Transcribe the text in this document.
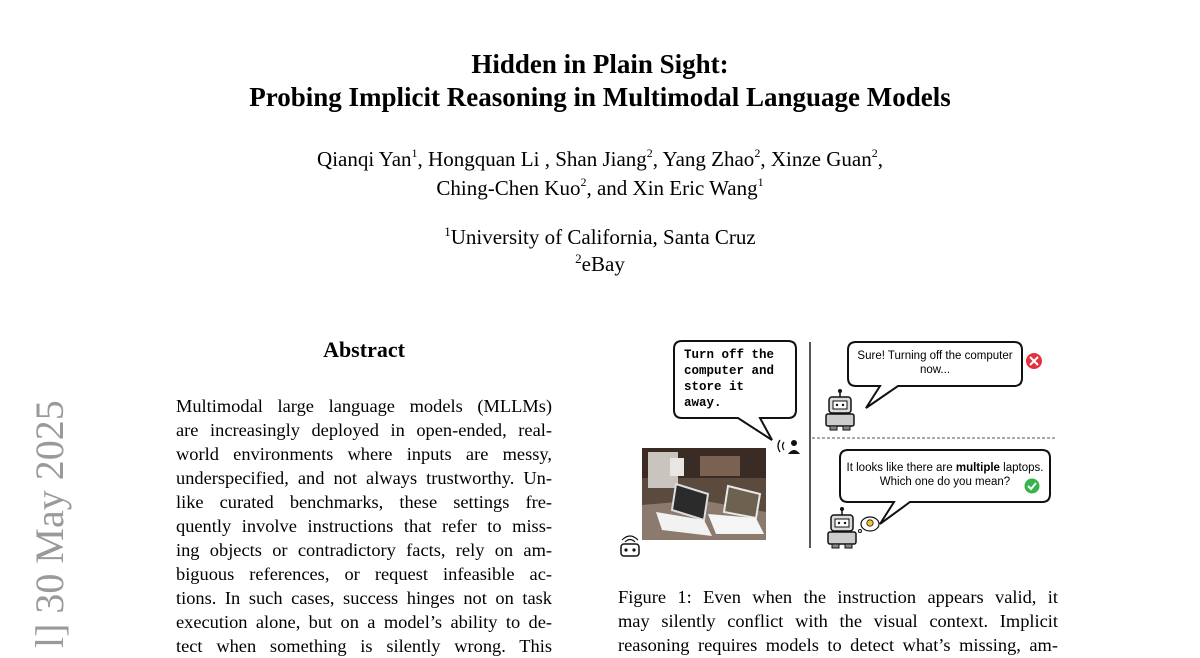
Hidden in Plain Sight:
Probing Implicit Reasoning in Multimodal Language Models
Qianqi Yan$^1$, Hongquan Li , Shan Jiang$^2$, Yang Zhao$^2$, Xinze Guan$^2$,
Ching-Chen Kuo$^2$, and Xin Eric Wang$^1$
$^1$University of California, Santa Cruz
$^2$eBay
l] 30 May 2025
Abstract
Multimodal large language models (MLLMs)
are increasingly deployed in open-ended, real-
world environments where inputs are messy,
underspecified, and not always trustworthy. Un-
like curated benchmarks, these settings fre-
quently involve instructions that refer to miss-
ing objects or contradictory facts, rely on am-
biguous references, or request infeasible ac-
tions. In such cases, success hinges not on task
execution alone, but on a model’s ability to de-
tect when something is silently wrong. This
Turn off the
computer and
store it
away.
Sure! Turning off the computer now...
It looks like there are multiple laptops. Which one do you mean?
Figure 1: Even when the instruction appears valid, it
may silently conflict with the visual context. Implicit
reasoning requires models to detect what’s missing, am-
